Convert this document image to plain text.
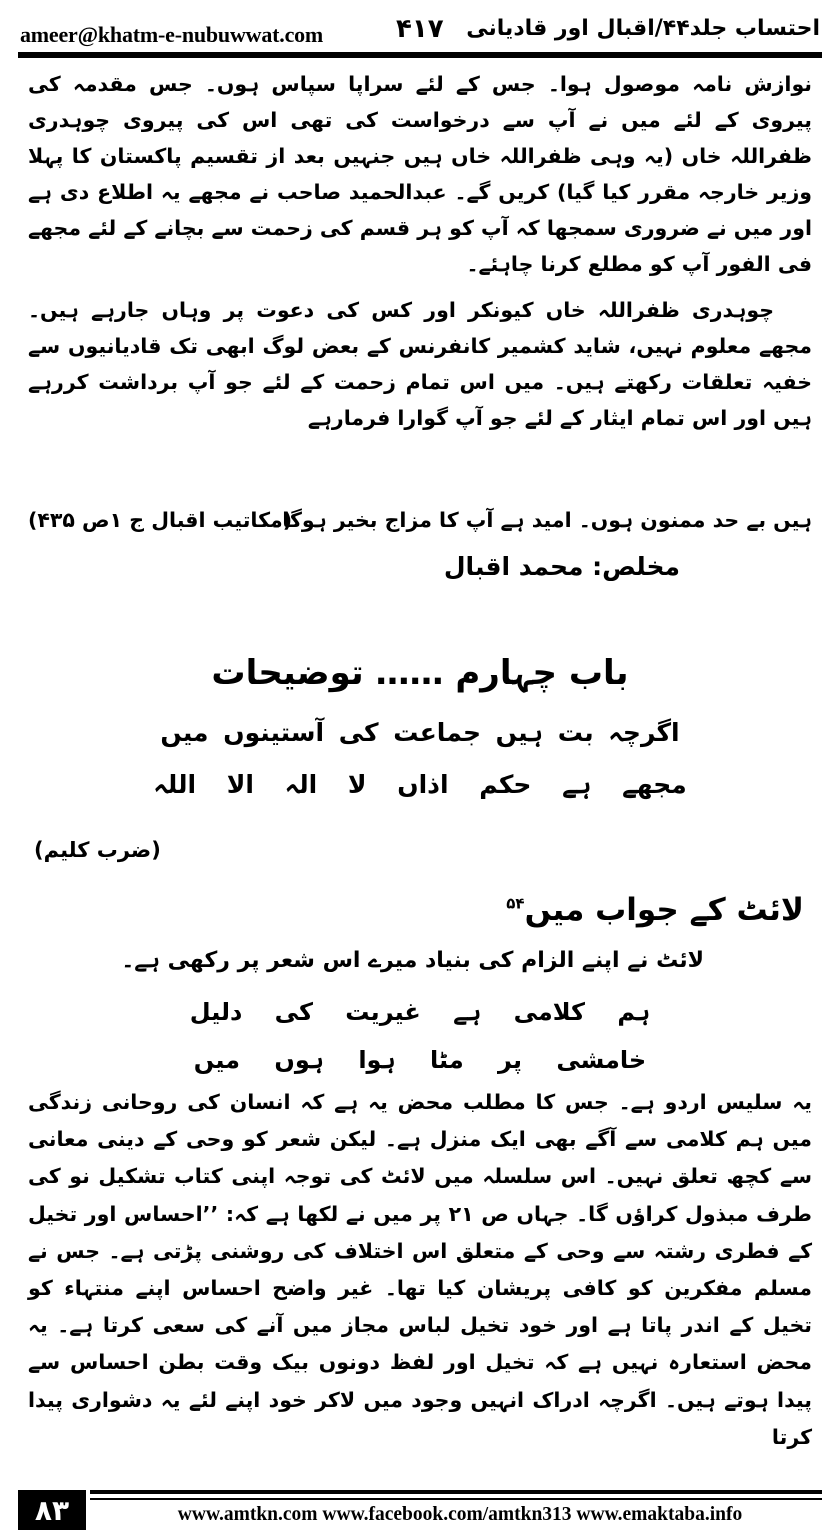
ameer@khatm-e-nubuwwat.com	۴۱۷ احتساب جلد۴۴/اقبال اور قادیانی
نوازش نامہ موصول ہوا۔ جس کے لئے سراپا سپاس ہوں۔ جس مقدمہ کی پیروی کے لئے میں نے آپ سے درخواست کی تھی اس کی پیروی چوہدری ظفراللہ خاں (یہ وہی ظفراللہ خاں ہیں جنہیں بعد از تقسیم پاکستان کا پہلا وزیر خارجہ مقرر کیا گیا) کریں گے۔ عبدالحمید صاحب نے مجھے یہ اطلاع دی ہے اور میں نے ضروری سمجھا کہ آپ کو ہر قسم کی زحمت سے بچانے کے لئے مجھے فی الفور آپ کو مطلع کرنا چاہئے۔
چوہدری ظفراللہ خاں کیونکر اور کس کی دعوت پر وہاں جارہے ہیں۔ مجھے معلوم نہیں، شاید کشمیر کانفرنس کے بعض لوگ ابھی تک قادیانیوں سے خفیہ تعلقات رکھتے ہیں۔ میں اس تمام زحمت کے لئے جو آپ برداشت کررہے ہیں اور اس تمام ایثار کے لئے جو آپ گوارا فرمارہے
ہیں بے حد ممنون ہوں۔ امید ہے آپ کا مزاج بخیر ہوگا۔
(مکاتیب اقبال ج ۱ص ۴۳۵)
مخلص: محمد اقبال
باب چہارم …… توضیحات
اگرچہ بت ہیں جماعت کی آستینوں میں
مجھے ہے حکم اذاں لا الہ الا اللہ
(ضرب کلیم)
لائٹ کے جواب میں$^{۵۴}$
لائٹ نے اپنے الزام کی بنیاد میرے اس شعر پر رکھی ہے۔
ہم کلامی ہے غیریت کی دلیل
خامشی پر مٹا ہوا ہوں میں
یہ سلیس اردو ہے۔ جس کا مطلب محض یہ ہے کہ انسان کی روحانی زندگی میں ہم کلامی سے آگے بھی ایک منزل ہے۔ لیکن شعر کو وحی کے دینی معانی سے کچھ تعلق نہیں۔ اس سلسلہ میں لائٹ کی توجہ اپنی کتاب تشکیل نو کی طرف مبذول کراؤں گا۔ جہاں ص ۲۱ پر میں نے لکھا ہے کہ: ’’احساس اور تخیل کے فطری رشتہ سے وحی کے متعلق اس اختلاف کی روشنی پڑتی ہے۔ جس نے مسلم مفکرین کو کافی پریشان کیا تھا۔ غیر واضح احساس اپنے منتہاء کو تخیل کے اندر پاتا ہے اور خود تخیل لباس مجاز میں آنے کی سعی کرتا ہے۔ یہ محض استعارہ نہیں ہے کہ تخیل اور لفظ دونوں بیک وقت بطن احساس سے پیدا ہوتے ہیں۔ اگرچہ ادراک انہیں وجود میں لاکر خود اپنے لئے یہ دشواری پیدا کرتا
۸۳	www.amtkn.com www.facebook.com/amtkn313 www.emaktaba.info
